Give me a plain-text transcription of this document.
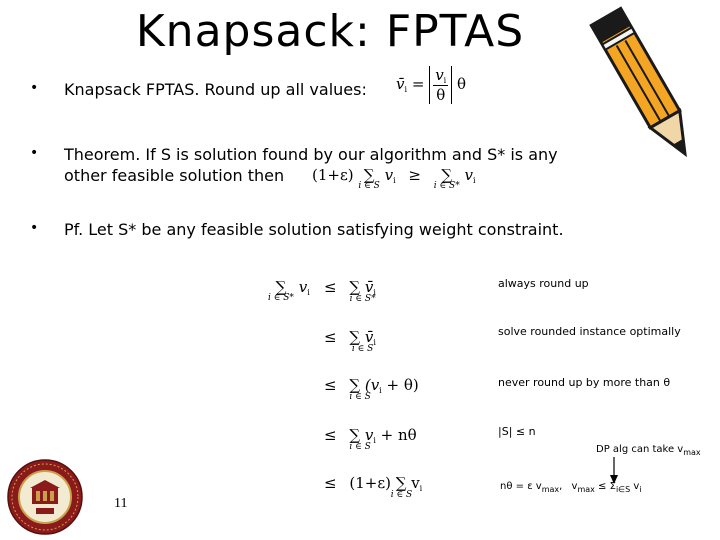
Knapsack: FPTAS
• Knapsack FPTAS. Round up all values: $v̄_i = \frac{v_i}{\theta}$ θ
• Theorem. If S is solution found by our algorithm and S* is any
other feasible solution then (1+ε) ∑
i ∈ S
$v_i$ ≥ ∑
i ∈ S*
$v_i$
• Pf. Let S* be any feasible solution satisfying weight constraint.
∑
i ∈ S*
$v_i$ ≤ ∑ $v̄_i$
i ∈ S*
always round up
≤ ∑ $v̄_i$
i ∈ S
solve rounded instance optimally
≤ ∑ $(v_i + \theta)$
i ∈ S
never round up by more than θ
≤ ∑ $v_i + n\theta$
i ∈ S
|S| ≤ n
DP alg can take $v_{max}$
≤ (1+ε) ∑ $v_i$
i ∈ S
nθ = ε $v_{max}$, $v_{max} \le \Sigma_{i\in S}$ $v_i$
11
